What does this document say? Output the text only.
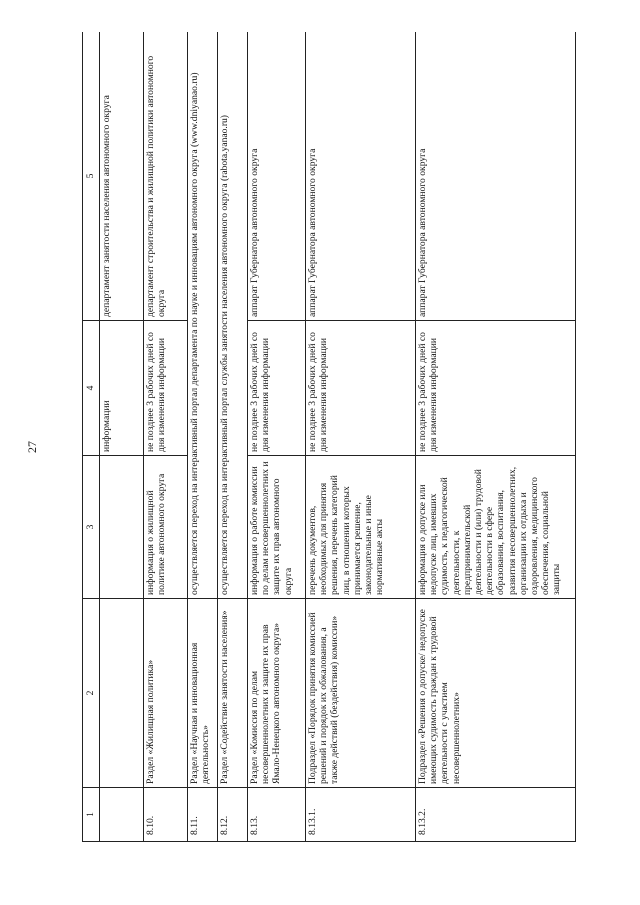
27
1	2	3	4	5
			информации	департамент занятости населения автономного округа
8.10.	Раздел «Жилищная политика»	информация о жилищной политике автономного округа	не позднее 3 рабочих дней со дня изменения информации	департамент строительства и жилищной политики автономного округа
8.11.	Раздел «Научная и инновационная деятельность»	осуществляется переход на интерактивный портал департамента по науке и инновациям автономного округа (www.dniyanao.ru)		
8.12.	Раздел «Содействие занятости населения»	осуществляется переход на интерактивный портал службы занятости населения автономного округа (rabota.yanao.ru)		
8.13.	Раздел «Комиссия по делам несовершеннолетних и защите их прав Ямало-Ненецкого автономного округа»	информация о работе комиссии по делам несовершеннолетних и защите их прав автономного округа	не позднее 3 рабочих дней со дня изменения информации	аппарат Губернатора автономного округа
8.13.1.	Подраздел «Порядок принятия комиссией решений и порядок их обжалования, а также действий (бездействия) комиссии»	перечень документов, необходимых для принятия решения, перечень категорий лиц, в отношении которых принимается решение, законодательные и иные нормативные акты	не позднее 3 рабочих дней со дня изменения информации	аппарат Губернатора автономного округа
8.13.2.	Подраздел «Решения о допуске/ недопуске имеющих судимость граждан к трудовой деятельности с участием несовершеннолетних»	информация о допуске или недопуске лиц, имевших судимость, к педагогической деятельности, к предпринимательской деятельности и (или) трудовой деятельности в сфере образования, воспитания, развития несовершеннолетних, организации их отдыха и оздоровления, медицинского обеспечения, социальной защиты	не позднее 3 рабочих дней со дня изменения информации	аппарат Губернатора автономного округа
